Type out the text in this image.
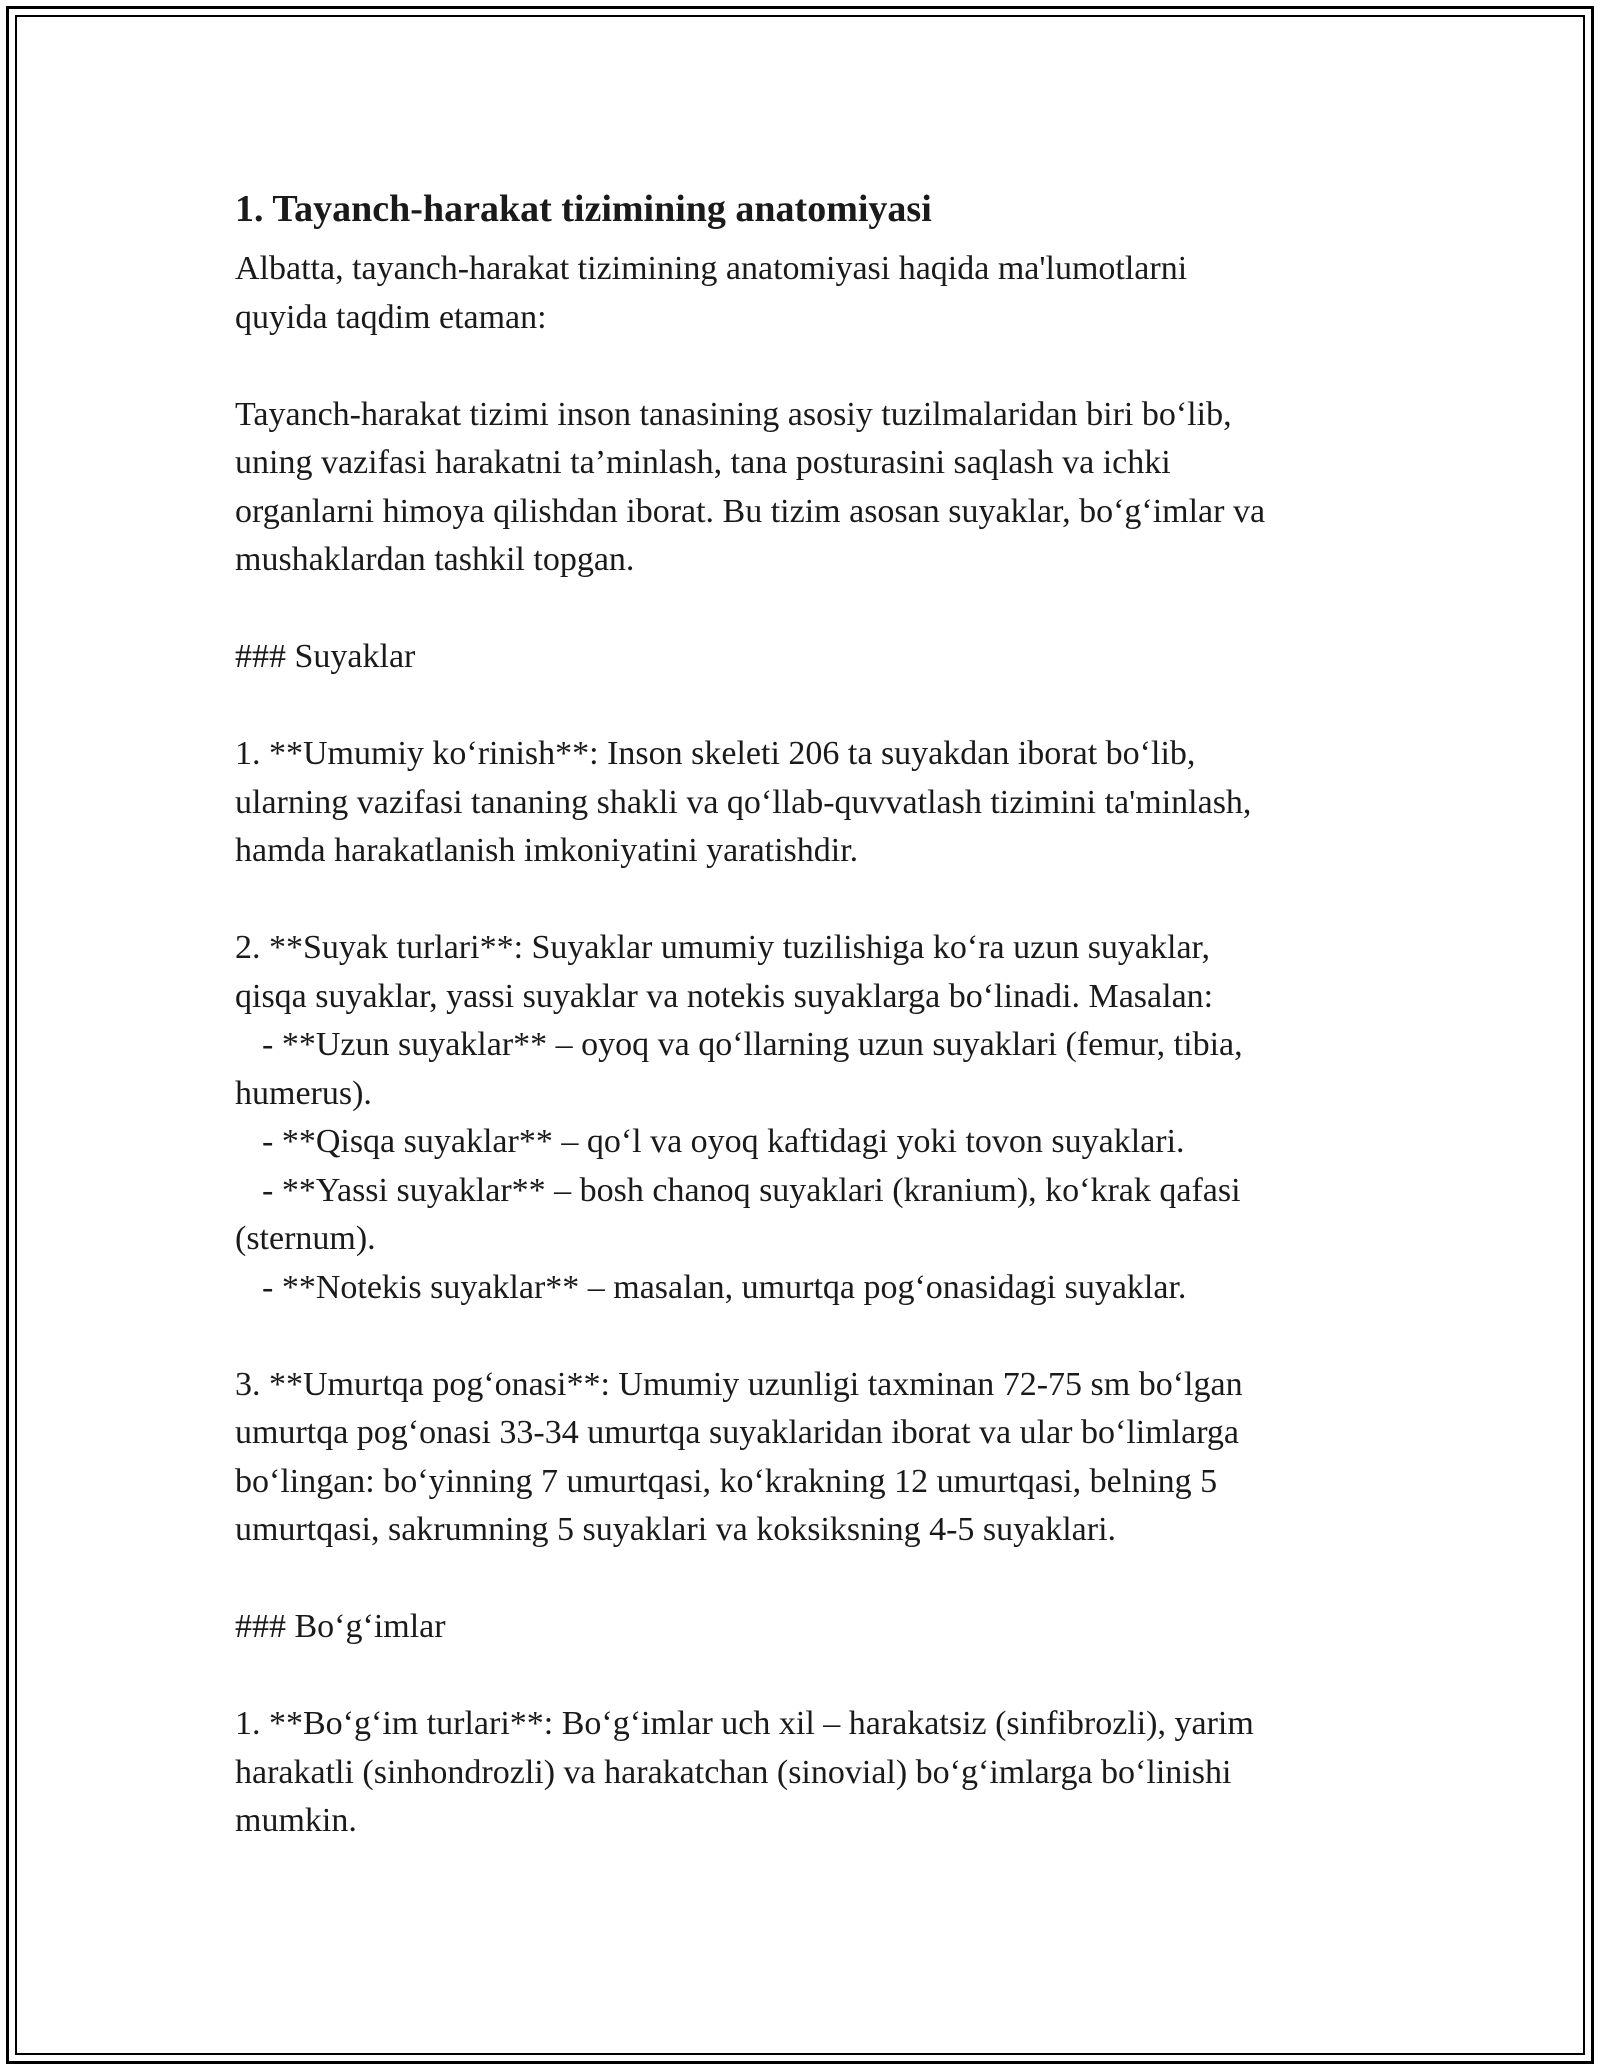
1. Tayanch-harakat tizimining anatomiyasi
Albatta, tayanch-harakat tizimining anatomiyasi haqida ma'lumotlarni
quyida taqdim etaman:
Tayanch-harakat tizimi inson tanasining asosiy tuzilmalaridan biri bo‘lib,
uning vazifasi harakatni ta’minlash, tana posturasini saqlash va ichki
organlarni himoya qilishdan iborat. Bu tizim asosan suyaklar, bo‘g‘imlar va
mushaklardan tashkil topgan.
### Suyaklar
1. **Umumiy ko‘rinish**: Inson skeleti 206 ta suyakdan iborat bo‘lib,
ularning vazifasi tananing shakli va qo‘llab-quvvatlash tizimini ta'minlash,
hamda harakatlanish imkoniyatini yaratishdir.
2. **Suyak turlari**: Suyaklar umumiy tuzilishiga ko‘ra uzun suyaklar,
qisqa suyaklar, yassi suyaklar va notekis suyaklarga bo‘linadi. Masalan:
- **Uzun suyaklar** – oyoq va qo‘llarning uzun suyaklari (femur, tibia,
humerus).
- **Qisqa suyaklar** – qo‘l va oyoq kaftidagi yoki tovon suyaklari.
- **Yassi suyaklar** – bosh chanoq suyaklari (kranium), ko‘krak qafasi
(sternum).
- **Notekis suyaklar** – masalan, umurtqa pog‘onasidagi suyaklar.
3. **Umurtqa pog‘onasi**: Umumiy uzunligi taxminan 72-75 sm bo‘lgan
umurtqa pog‘onasi 33-34 umurtqa suyaklaridan iborat va ular bo‘limlarga
bo‘lingan: bo‘yinning 7 umurtqasi, ko‘krakning 12 umurtqasi, belning 5
umurtqasi, sakrumning 5 suyaklari va koksiksning 4-5 suyaklari.
### Bo‘g‘imlar
1. **Bo‘g‘im turlari**: Bo‘g‘imlar uch xil – harakatsiz (sinfibrozli), yarim
harakatli (sinhondrozli) va harakatchan (sinovial) bo‘g‘imlarga bo‘linishi
mumkin.
